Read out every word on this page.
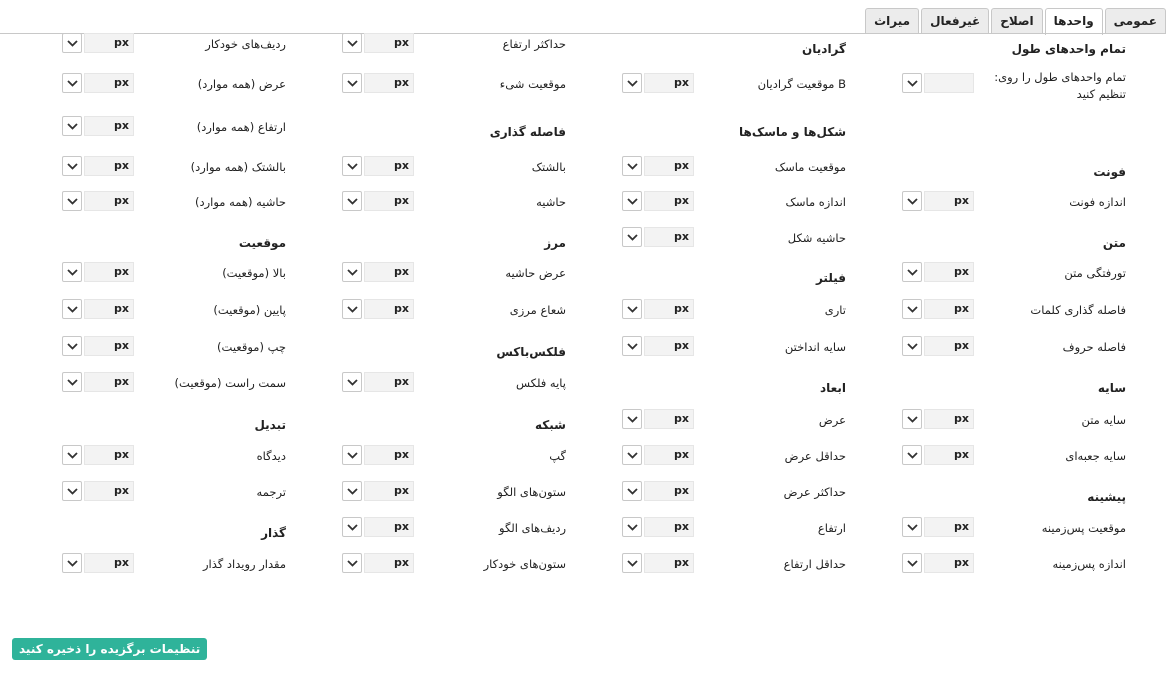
عمومی
واحدها
اصلاح
غیرفعال
میراث
تمام واحدهای طول
تمام واحدهای طول را روی: تنظیم کنید
فونت
اندازه فونت
px
متن
تورفتگی متن
px
فاصله گذاری کلمات
px
فاصله حروف
px
سایه
سایه متن
px
سایه جعبه‌ای
px
پیشینه
موقعیت پس‌زمینه
px
اندازه پس‌زمینه
px
گرادیان
موقعیت گرادیان B
px
شکل‌ها و ماسک‌ها
موقعیت ماسک
px
اندازه ماسک
px
حاشیه شکل
px
فیلتر
تاری
px
سایه انداختن
px
ابعاد
عرض
px
حداقل عرض
px
حداکثر عرض
px
ارتفاع
px
حداقل ارتفاع
px
حداکثر ارتفاع
px
موقعیت شیء
px
فاصله گذاری
بالشتک
px
حاشیه
px
مرز
عرض حاشیه
px
شعاع مرزی
px
فلکس‌باکس
پایه فلکس
px
شبکه
گپ
px
ستون‌های الگو
px
ردیف‌های الگو
px
ستون‌های خودکار
px
ردیف‌های خودکار
px
عرض (همه موارد)
px
ارتفاع (همه موارد)
px
بالشتک (همه موارد)
px
حاشیه (همه موارد)
px
موقعیت
بالا (موقعیت)
px
پایین (موقعیت)
px
چپ (موقعیت)
px
سمت راست (موقعیت)
px
تبدیل
دیدگاه
px
ترجمه
px
گذار
مقدار رویداد گذار
px
تنظیمات برگزیده را ذخیره کنید
